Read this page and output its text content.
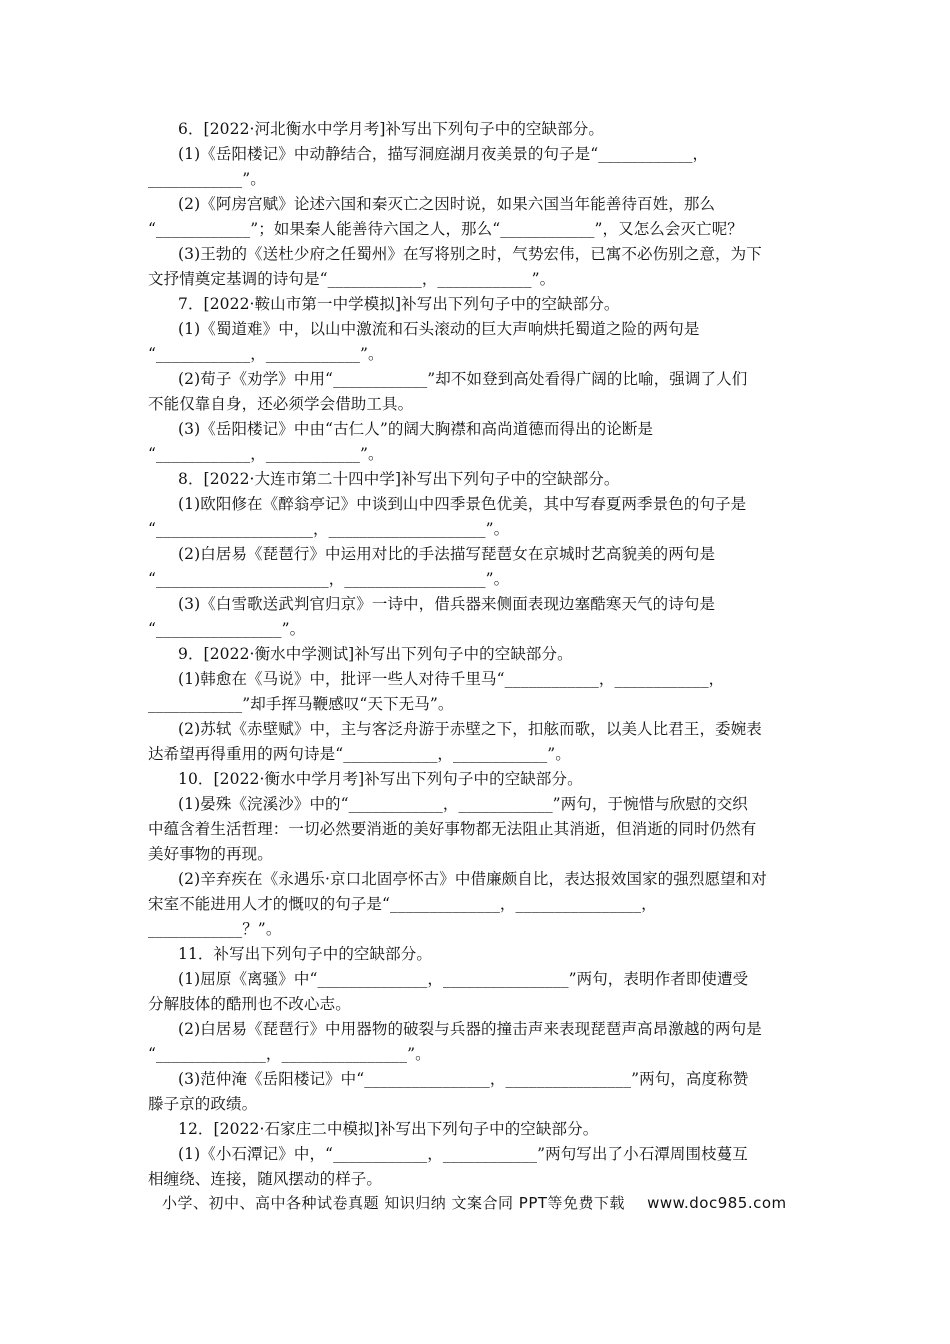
6．[2022·河北衡水中学月考]补写出下列句子中的空缺部分。
(1)《岳阳楼记》中动静结合，描写洞庭湖月夜美景的句子是“____________，
____________”。
(2)《阿房宫赋》论述六国和秦灭亡之因时说，如果六国当年能善待百姓，那么
“____________”；如果秦人能善待六国之人，那么“____________”，又怎么会灭亡呢？
(3)王勃的《送杜少府之任蜀州》在写将别之时，气势宏伟，已寓不必伤别之意，为下
文抒情奠定基调的诗句是“____________，____________”。
7．[2022·鞍山市第一中学模拟]补写出下列句子中的空缺部分。
(1)《蜀道难》中，以山中激流和石头滚动的巨大声响烘托蜀道之险的两句是
“____________，____________”。
(2)荀子《劝学》中用“____________”却不如登到高处看得广阔的比喻，强调了人们
不能仅靠自身，还必须学会借助工具。
(3)《岳阳楼记》中由“古仁人”的阔大胸襟和高尚道德而得出的论断是
“____________，____________”。
8．[2022·大连市第二十四中学]补写出下列句子中的空缺部分。
(1)欧阳修在《醉翁亭记》中谈到山中四季景色优美，其中写春夏两季景色的句子是
“____________________，____________________”。
(2)白居易《琵琶行》中运用对比的手法描写琵琶女在京城时艺高貌美的两句是
“______________________，__________________”。
(3)《白雪歌送武判官归京》一诗中，借兵器来侧面表现边塞酷寒天气的诗句是
“________________”。
9．[2022·衡水中学测试]补写出下列句子中的空缺部分。
(1)韩愈在《马说》中，批评一些人对待千里马“____________，____________，
____________”却手挥马鞭感叹“天下无马”。
(2)苏轼《赤壁赋》中，主与客泛舟游于赤壁之下，扣舷而歌，以美人比君王，委婉表
达希望再得重用的两句诗是“____________，____________”。
10．[2022·衡水中学月考]补写出下列句子中的空缺部分。
(1)晏殊《浣溪沙》中的“____________，____________”两句，于惋惜与欣慰的交织
中蕴含着生活哲理：一切必然要消逝的美好事物都无法阻止其消逝，但消逝的同时仍然有
美好事物的再现。
(2)辛弃疾在《永遇乐·京口北固亭怀古》中借廉颇自比，表达报效国家的强烈愿望和对
宋室不能进用人才的慨叹的句子是“______________，________________，
____________？”。
11．补写出下列句子中的空缺部分。
(1)屈原《离骚》中“______________，________________”两句，表明作者即使遭受
分解肢体的酷刑也不改心志。
(2)白居易《琵琶行》中用器物的破裂与兵器的撞击声来表现琵琶声高昂激越的两句是
“______________，________________”。
(3)范仲淹《岳阳楼记》中“________________，________________”两句，高度称赞
滕子京的政绩。
12．[2022·石家庄二中模拟]补写出下列句子中的空缺部分。
(1)《小石潭记》中，“____________，____________”两句写出了小石潭周围枝蔓互
相缠绕、连接，随风摆动的样子。
小学、初中、高中各种试卷真题 知识归纳 文案合同 PPT等免费下载 www.doc985.com
